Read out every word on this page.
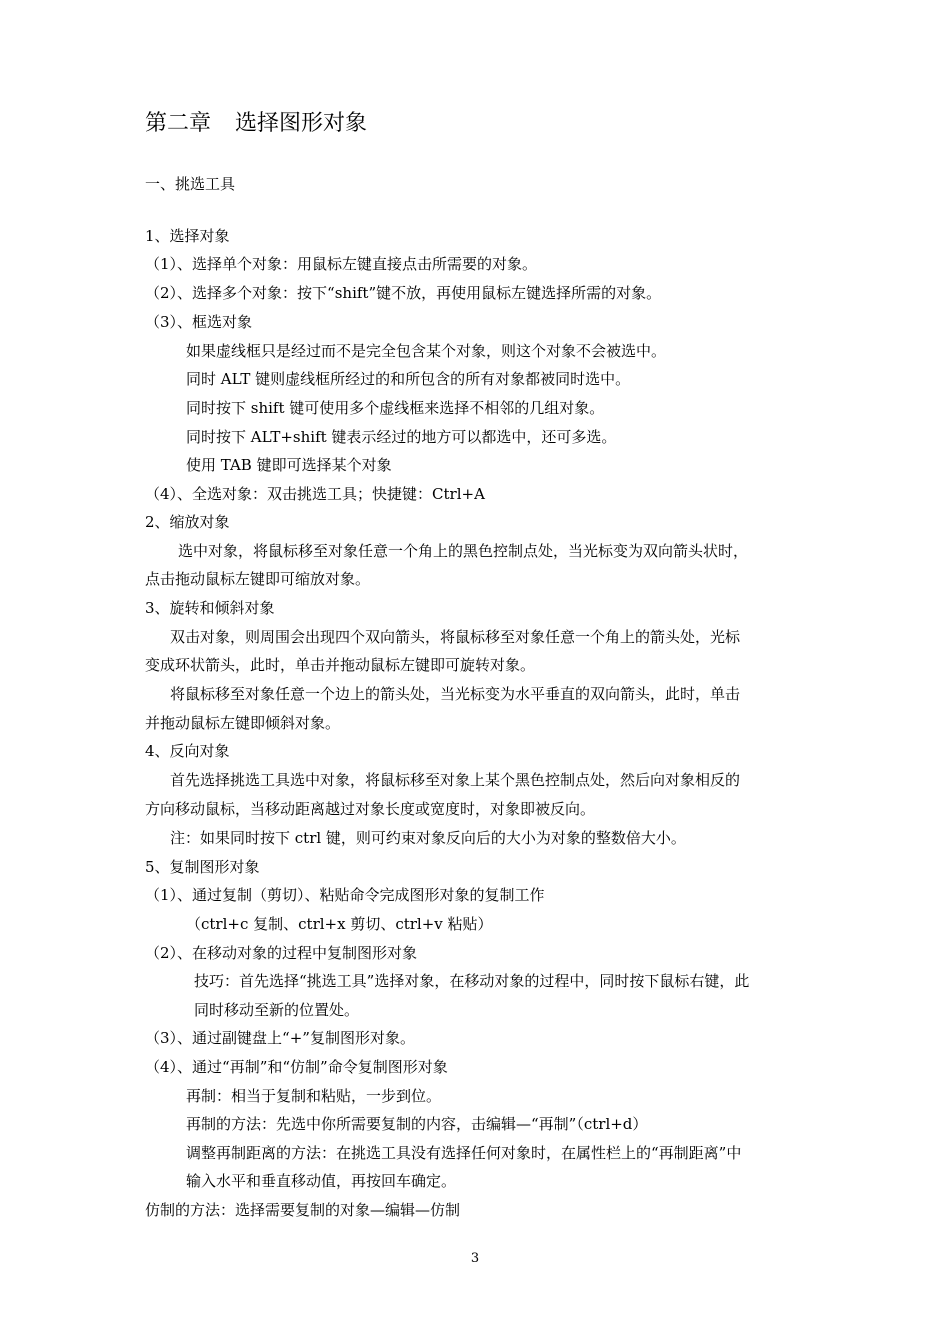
第二章 选择图形对象
一、挑选工具
1、选择对象
（1）、选择单个对象：用鼠标左键直接点击所需要的对象。
（2）、选择多个对象：按下“shift”键不放，再使用鼠标左键选择所需的对象。
（3）、框选对象
如果虚线框只是经过而不是完全包含某个对象，则这个对象不会被选中。
同时 ALT 键则虚线框所经过的和所包含的所有对象都被同时选中。
同时按下 shift 键可使用多个虚线框来选择不相邻的几组对象。
同时按下 ALT+shift 键表示经过的地方可以都选中，还可多选。
使用 TAB 键即可选择某个对象
（4）、全选对象：双击挑选工具；快捷键：Ctrl+A
2、缩放对象
选中对象，将鼠标移至对象任意一个角上的黑色控制点处，当光标变为双向箭头状时，
点击拖动鼠标左键即可缩放对象。
3、旋转和倾斜对象
双击对象，则周围会出现四个双向箭头，将鼠标移至对象任意一个角上的箭头处，光标
变成环状箭头，此时，单击并拖动鼠标左键即可旋转对象。
将鼠标移至对象任意一个边上的箭头处，当光标变为水平垂直的双向箭头，此时，单击
并拖动鼠标左键即倾斜对象。
4、反向对象
首先选择挑选工具选中对象，将鼠标移至对象上某个黑色控制点处，然后向对象相反的
方向移动鼠标，当移动距离越过对象长度或宽度时，对象即被反向。
注：如果同时按下 ctrl 键，则可约束对象反向后的大小为对象的整数倍大小。
5、复制图形对象
（1）、通过复制（剪切）、粘贴命令完成图形对象的复制工作
（ctrl+c 复制、ctrl+x 剪切、ctrl+v 粘贴）
（2）、在移动对象的过程中复制图形对象
技巧：首先选择“挑选工具”选择对象，在移动对象的过程中，同时按下鼠标右键，此
同时移动至新的位置处。
（3）、通过副键盘上“+”复制图形对象。
（4）、通过“再制”和“仿制”命令复制图形对象
再制：相当于复制和粘贴，一步到位。
再制的方法：先选中你所需要复制的内容，击编辑—“再制”（ctrl+d）
调整再制距离的方法：在挑选工具没有选择任何对象时，在属性栏上的“再制距离”中
输入水平和垂直移动值，再按回车确定。
仿制的方法：选择需要复制的对象—编辑—仿制
3
